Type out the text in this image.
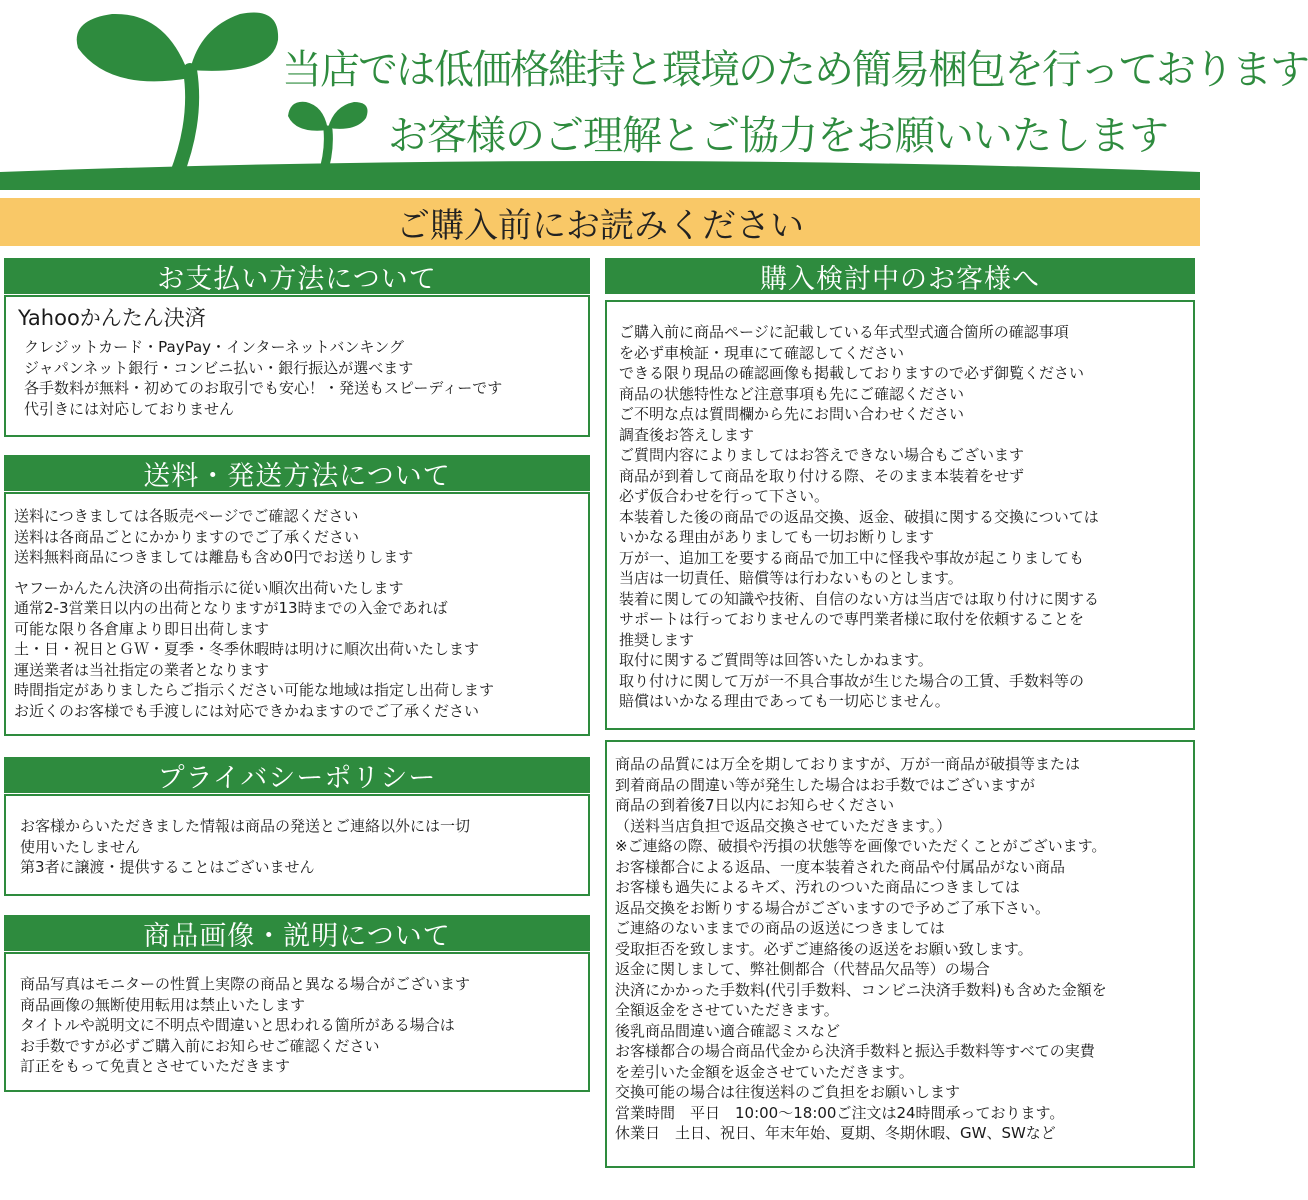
当店では低価格維持と環境のため簡易梱包を行っております
お客様のご理解とご協力をお願いいたします
ご購入前にお読みください
お支払い方法について
Yahooかんたん決済
クレジットカード・PayPay・インターネットバンキング
ジャパンネット銀行・コンビニ払い・銀行振込が選べます
各手数料が無料・初めてのお取引でも安心！・発送もスピーディーです
代引きには対応しておりません
送料・発送方法について
送料につきましては各販売ページでご確認ください
送料は各商品ごとにかかりますのでご了承ください
送料無料商品につきましては離島も含め0円でお送りします
ヤフーかんたん決済の出荷指示に従い順次出荷いたします
通常2-3営業日以内の出荷となりますが13時までの入金であれば
可能な限り各倉庫より即日出荷します
土・日・祝日とＧＷ・夏季・冬季休暇時は明けに順次出荷いたします
運送業者は当社指定の業者となります
時間指定がありましたらご指示ください可能な地域は指定し出荷します
お近くのお客様でも手渡しには対応できかねますのでご了承ください
プライバシーポリシー
お客様からいただきました情報は商品の発送とご連絡以外には一切
使用いたしません
第3者に譲渡・提供することはございません
商品画像・説明について
商品写真はモニターの性質上実際の商品と異なる場合がございます
商品画像の無断使用転用は禁止いたします
タイトルや説明文に不明点や間違いと思われる箇所がある場合は
お手数ですが必ずご購入前にお知らせご確認ください
訂正をもって免責とさせていただきます
購入検討中のお客様へ
ご購入前に商品ページに記載している年式型式適合箇所の確認事項
を必ず車検証・現車にて確認してください
できる限り現品の確認画像も掲載しておりますので必ず御覧ください
商品の状態特性など注意事項も先にご確認ください
ご不明な点は質問欄から先にお問い合わせください
調査後お答えします
ご質問内容によりましてはお答えできない場合もございます
商品が到着して商品を取り付ける際、そのまま本装着をせず
必ず仮合わせを行って下さい。
本装着した後の商品での返品交換、返金、破損に関する交換については
いかなる理由がありましても一切お断りします
万が一、追加工を要する商品で加工中に怪我や事故が起こりましても
当店は一切責任、賠償等は行わないものとします。
装着に関しての知識や技術、自信のない方は当店では取り付けに関する
サポートは行っておりませんので専門業者様に取付を依頼することを
推奨します
取付に関するご質問等は回答いたしかねます。
取り付けに関して万が一不具合事故が生じた場合の工賃、手数料等の
賠償はいかなる理由であっても一切応じません。
商品の品質には万全を期しておりますが、万が一商品が破損等または
到着商品の間違い等が発生した場合はお手数ではございますが
商品の到着後7日以内にお知らせください
（送料当店負担で返品交換させていただきます。）
※ご連絡の際、破損や汚損の状態等を画像でいただくことがございます。
お客様都合による返品、一度本装着された商品や付属品がない商品
お客様も過失によるキズ、汚れのついた商品につきましては
返品交換をお断りする場合がございますので予めご了承下さい。
ご連絡のないままでの商品の返送につきましては
受取拒否を致します。必ずご連絡後の返送をお願い致します。
返金に関しまして、弊社側都合（代替品欠品等）の場合
決済にかかった手数料(代引手数料、コンビニ決済手数料)も含めた金額を
全額返金をさせていただきます。
後乳商品間違い適合確認ミスなど
お客様都合の場合商品代金から決済手数料と振込手数料等すべての実費
を差引いた金額を返金させていただきます。
交換可能の場合は往復送料のご負担をお願いします
営業時間　平日　10:00～18:00ご注文は24時間承っております。
休業日　土日、祝日、年末年始、夏期、冬期休暇、GW、SWなど
